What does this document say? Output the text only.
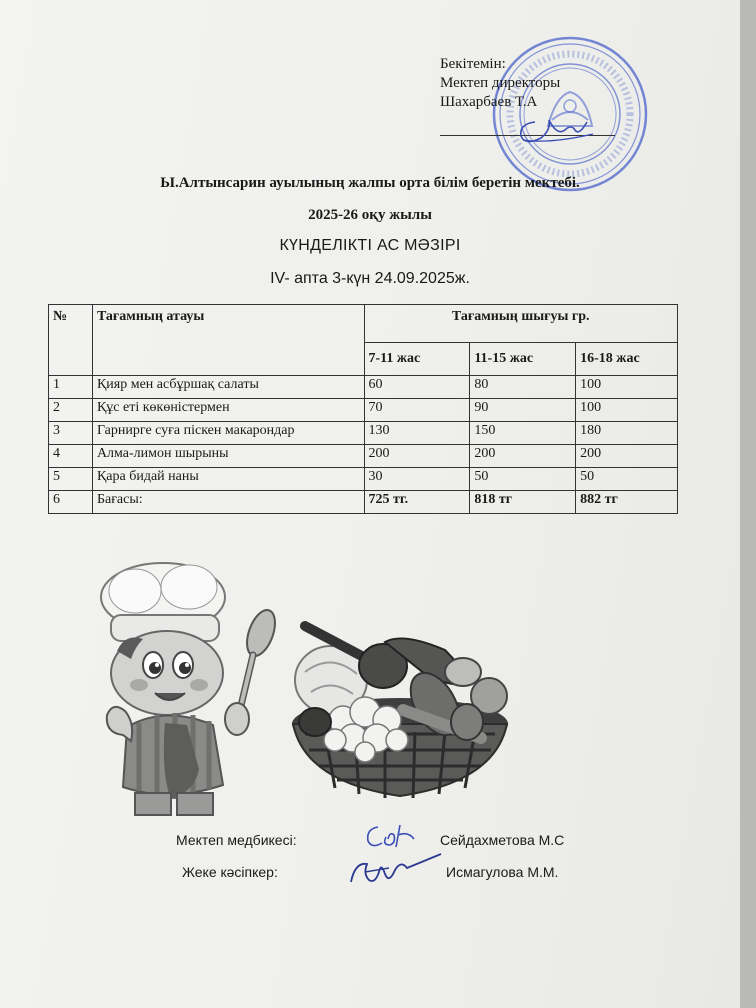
Бекітемін:
Мектеп директоры
Шахарбаев Т.А
Ы.Алтынсарин ауылының жалпы орта білім беретін мектебі.
2025-26 оқу жылы
КҮНДЕЛІКТІ АС МӘЗІРІ
IV- апта 3-күн 24.09.2025ж.
№	Тағамның атауы	Тағамның шығуы гр.		
		7-11 жас	11-15 жас	16-18 жас
1	Қияр мен асбұршақ салаты	60	80	100
2	Құс еті көкөністермен	70	90	100
3	Гарнирге суға піскен макарондар	130	150	180
4	Алма-лимон шырыны	200	200	200
5	Қара бидай наны	30	50	50
6	Бағасы:	725 тг.	818 тг	882 тг
Мектеп медбикесі:	Сейдахметова М.С
Жеке кәсіпкер:	Исмагулова М.М.
